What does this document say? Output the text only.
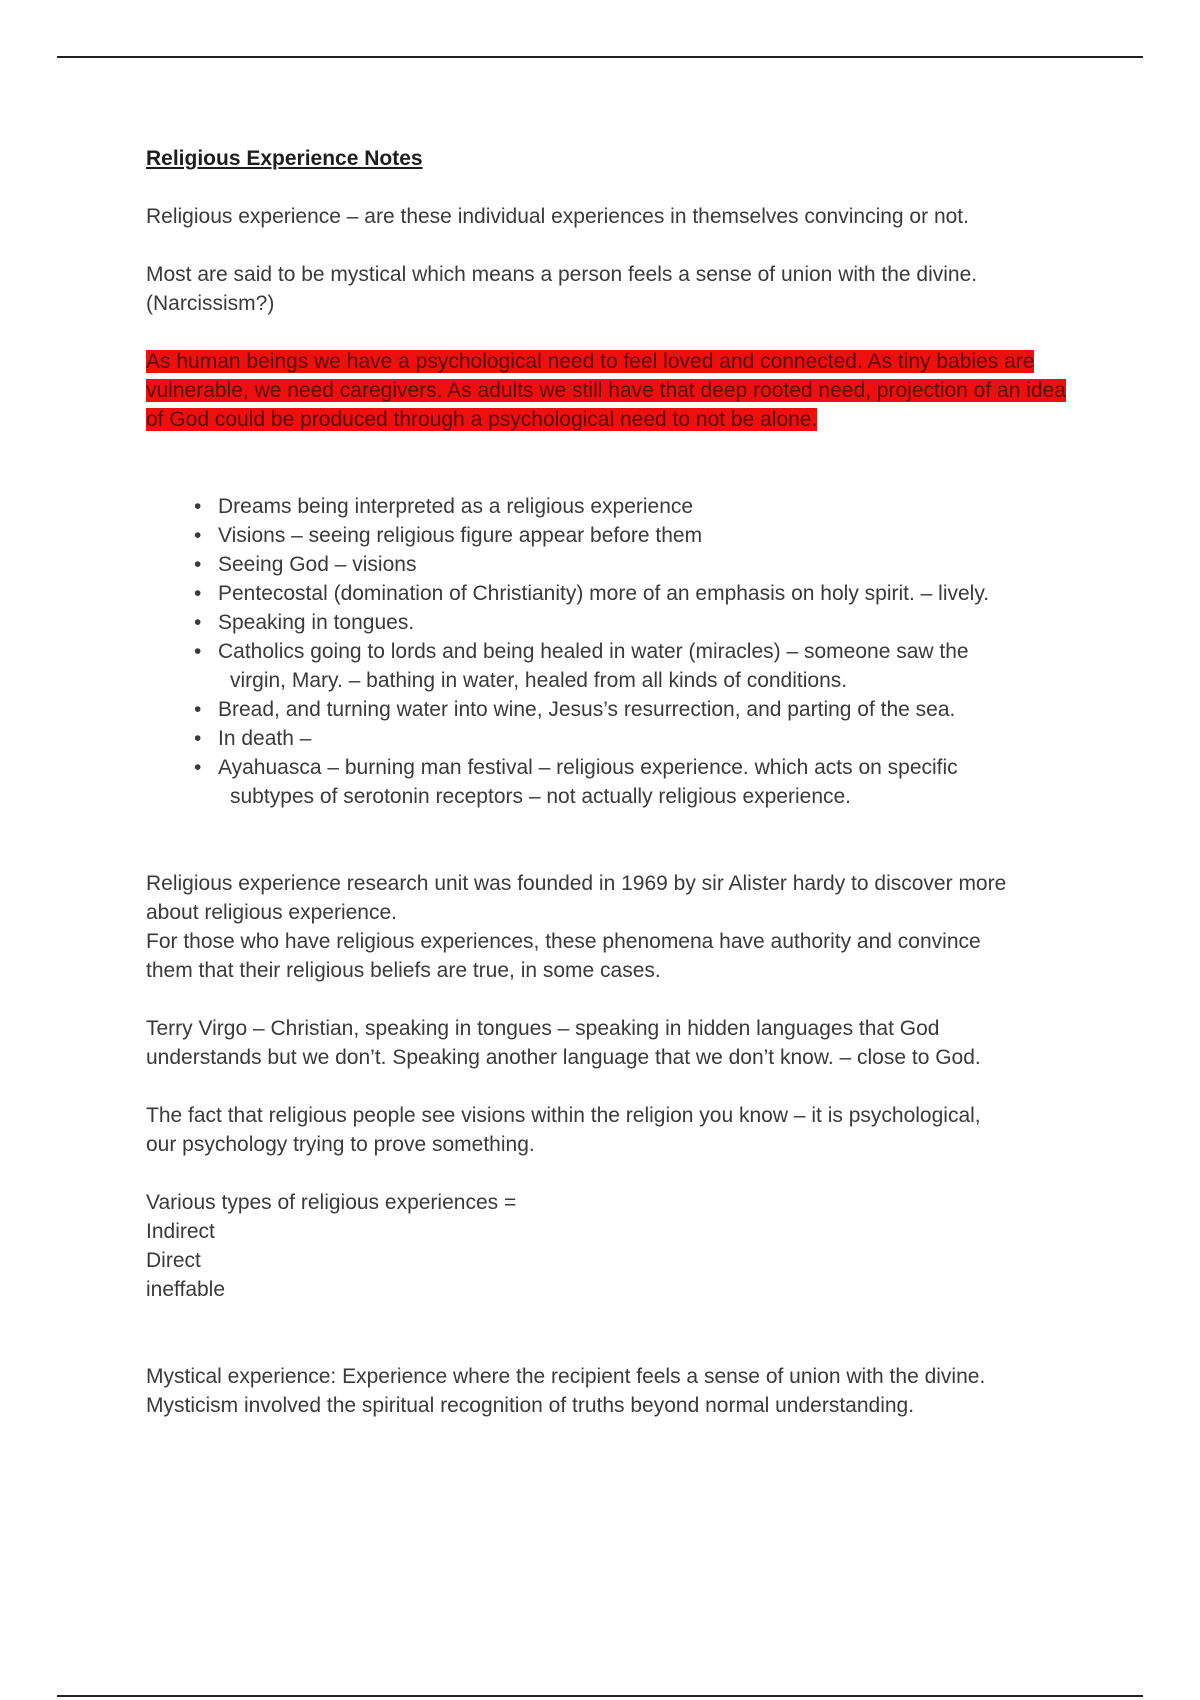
Religious Experience Notes

Religious experience – are these individual experiences in themselves convincing or not.

Most are said to be mystical which means a person feels a sense of union with the divine.

(Narcissism?)

As human beings we have a psychological need to feel loved and connected. As tiny babies are vulnerable, we need caregivers. As adults we still have that deep rooted need, projection of an idea of God could be produced through a psychological need to not be alone.

• Dreams being interpreted as a religious experience
• Visions – seeing religious figure appear before them
• Seeing God – visions
• Pentecostal (domination of Christianity) more of an emphasis on holy spirit. – lively.
• Speaking in tongues.
• Catholics going to lords and being healed in water (miracles) – someone saw the
virgin, Mary. – bathing in water, healed from all kinds of conditions.
• Bread, and turning water into wine, Jesus’s resurrection, and parting of the sea.
• In death –
• Ayahuasca – burning man festival – religious experience. which acts on specific
subtypes of serotonin receptors – not actually religious experience.

Religious experience research unit was founded in 1969 by sir Alister hardy to discover more

about religious experience.

For those who have religious experiences, these phenomena have authority and convince

them that their religious beliefs are true, in some cases.

Terry Virgo – Christian, speaking in tongues – speaking in hidden languages that God

understands but we don’t. Speaking another language that we don’t know. – close to God.

The fact that religious people see visions within the religion you know – it is psychological,

our psychology trying to prove something.

Various types of religious experiences =

Indirect

Direct

ineffable

Mystical experience: Experience where the recipient feels a sense of union with the divine.

Mysticism involved the spiritual recognition of truths beyond normal understanding.
